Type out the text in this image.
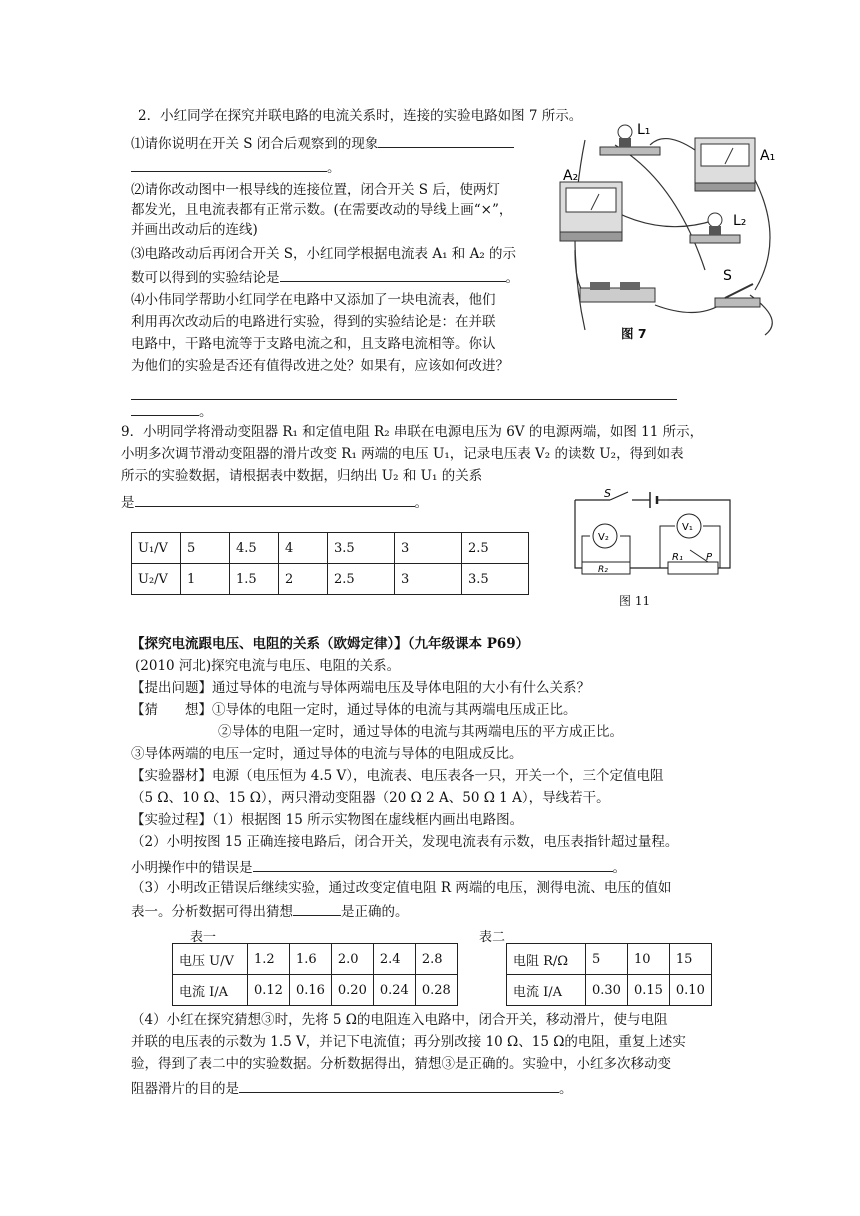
2．小红同学在探究并联电路的电流关系时，连接的实验电路如图 7 所示。
⑴请你说明在开关 S 闭合后观察到的现象
。
⑵请你改动图中一根导线的连接位置，闭合开关 S 后，使两灯
都发光，且电流表都有正常示数。(在需要改动的导线上画“×”，
并画出改动后的连线)
⑶电路改动后再闭合开关 S，小红同学根据电流表 A₁ 和 A₂ 的示
数可以得到的实验结论是	。
⑷小伟同学帮助小红同学在电路中又添加了一块电流表，他们
利用再次改动后的电路进行实验，得到的实验结论是：在并联
电路中，干路电流等于支路电流之和，且支路电流相等。你认
为他们的实验是否还有值得改进之处？如果有，应该如何改进？
。
L₁
A₁
A₂
L₂
S
图 7
9．小明同学将滑动变阻器 R₁ 和定值电阻 R₂ 串联在电源电压为 6V 的电源两端，如图 11 所示，
小明多次调节滑动变阻器的滑片改变 R₁ 两端的电压 U₁，记录电压表 V₂ 的读数 U₂，得到如表
所示的实验数据，请根据表中数据，归纳出 U₂ 和 U₁ 的关系
是	。
U₁/V	5	4.5	4	3.5	3	2.5
U₂/V	1	1.5	2	2.5	3	3.5
S
V₂
V₁
R₂
R₁ P
图 11
【探究电流跟电压、电阻的关系（欧姆定律）】（九年级课本 P69）
(2010 河北)探究电流与电压、电阻的关系。
【提出问题】通过导体的电流与导体两端电压及导体电阻的大小有什么关系？
【猜　　想】①导体的电阻一定时，通过导体的电流与其两端电压成正比。
②导体的电阻一定时，通过导体的电流与其两端电压的平方成正比。
③导体两端的电压一定时，通过导体的电流与导体的电阻成反比。
【实验器材】电源（电压恒为 4.5 V），电流表、电压表各一只，开关一个，三个定值电阻
（5 Ω、10 Ω、15 Ω），两只滑动变阻器（20 Ω 2 A、50 Ω 1 A），导线若干。
【实验过程】（1）根据图 15 所示实物图在虚线框内画出电路图。
（2）小明按图 15 正确连接电路后，闭合开关，发现电流表有示数，电压表指针超过量程。
小明操作中的错误是	。
（3）小明改正错误后继续实验，通过改变定值电阻 R 两端的电压，测得电流、电压的值如
表一。分析数据可得出猜想	是正确的。
表一	表二
电压 U/V	1.2	1.6	2.0	2.4	2.8
电流 I/A	0.12	0.16	0.20	0.24	0.28
电阻 R/Ω	5	10	15
电流 I/A	0.30	0.15	0.10
（4）小红在探究猜想③时，先将 5 Ω的电阻连入电路中，闭合开关，移动滑片，使与电阻
并联的电压表的示数为 1.5 V，并记下电流值；再分别改接 10 Ω、15 Ω的电阻，重复上述实
验，得到了表二中的实验数据。分析数据得出，猜想③是正确的。实验中，小红多次移动变
阻器滑片的目的是	。
